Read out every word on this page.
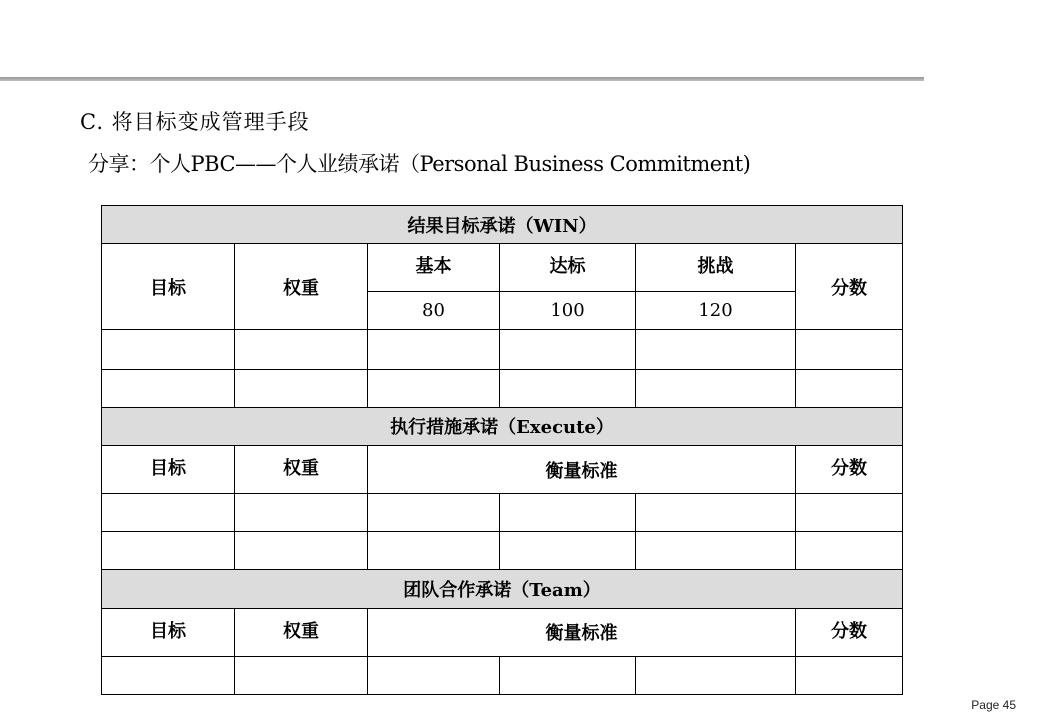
C. 将目标变成管理手段
分享：个人PBC——个人业绩承诺（Personal Business Commitment)
结果目标承诺（WIN）					
目标	权重	基本	达标	挑战	分数
		80	100	120	

执行措施承诺（Execute）					
目标	权重	衡量标准			分数

团队合作承诺（Team）					
目标	权重	衡量标准			分数

Page 45
